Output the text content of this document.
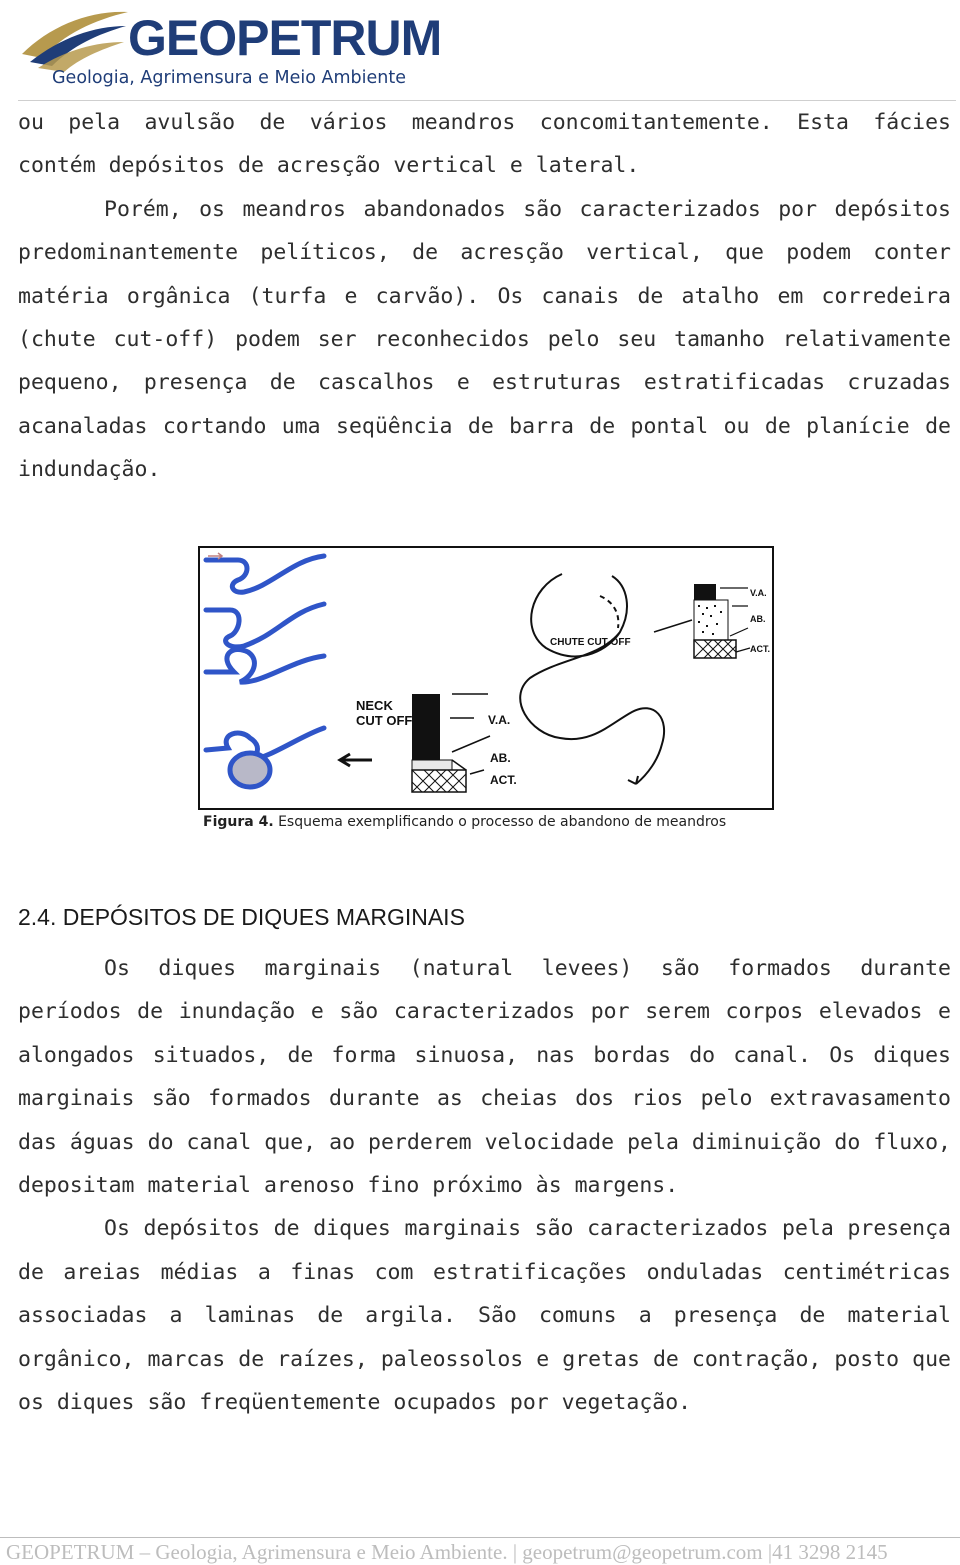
GEOPETRUM
Geologia, Agrimensura e Meio Ambiente
ou pela avulsão de vários meandros concomitantemente. Esta fácies
contém depósitos de acresção vertical e lateral.
Porém, os meandros abandonados são caracterizados por depósitos
predominantemente pelíticos, de acresção vertical, que podem conter
matéria orgânica (turfa e carvão). Os canais de atalho em corredeira
(chute cut-off) podem ser reconhecidos pelo seu tamanho relativamente
pequeno, presença de cascalhos e estruturas estratificadas cruzadas
acanaladas cortando uma seqüência de barra de pontal ou de planície de
indundação.
NECK
CUT OFF	V.A.
AB.
ACT.
CHUTE CUT-OFF
V.A.
AB.
ACT.
Figura 4. Esquema exemplificando o processo de abandono de meandros
2.4. DEPÓSITOS DE DIQUES MARGINAIS
Os diques marginais (natural levees) são formados durante
períodos de inundação e são caracterizados por serem corpos elevados e
alongados situados, de forma sinuosa, nas bordas do canal. Os diques
marginais são formados durante as cheias dos rios pelo extravasamento
das águas do canal que, ao perderem velocidade pela diminuição do fluxo,
depositam material arenoso fino próximo às margens.
Os depósitos de diques marginais são caracterizados pela presença
de areias médias a finas com estratificações onduladas centimétricas
associadas a laminas de argila. São comuns a presença de material
orgânico, marcas de raízes, paleossolos e gretas de contração, posto que
os diques são freqüentemente ocupados por vegetação.
GEOPETRUM – Geologia, Agrimensura e Meio Ambiente. | geopetrum@geopetrum.com |41 3298 2145
